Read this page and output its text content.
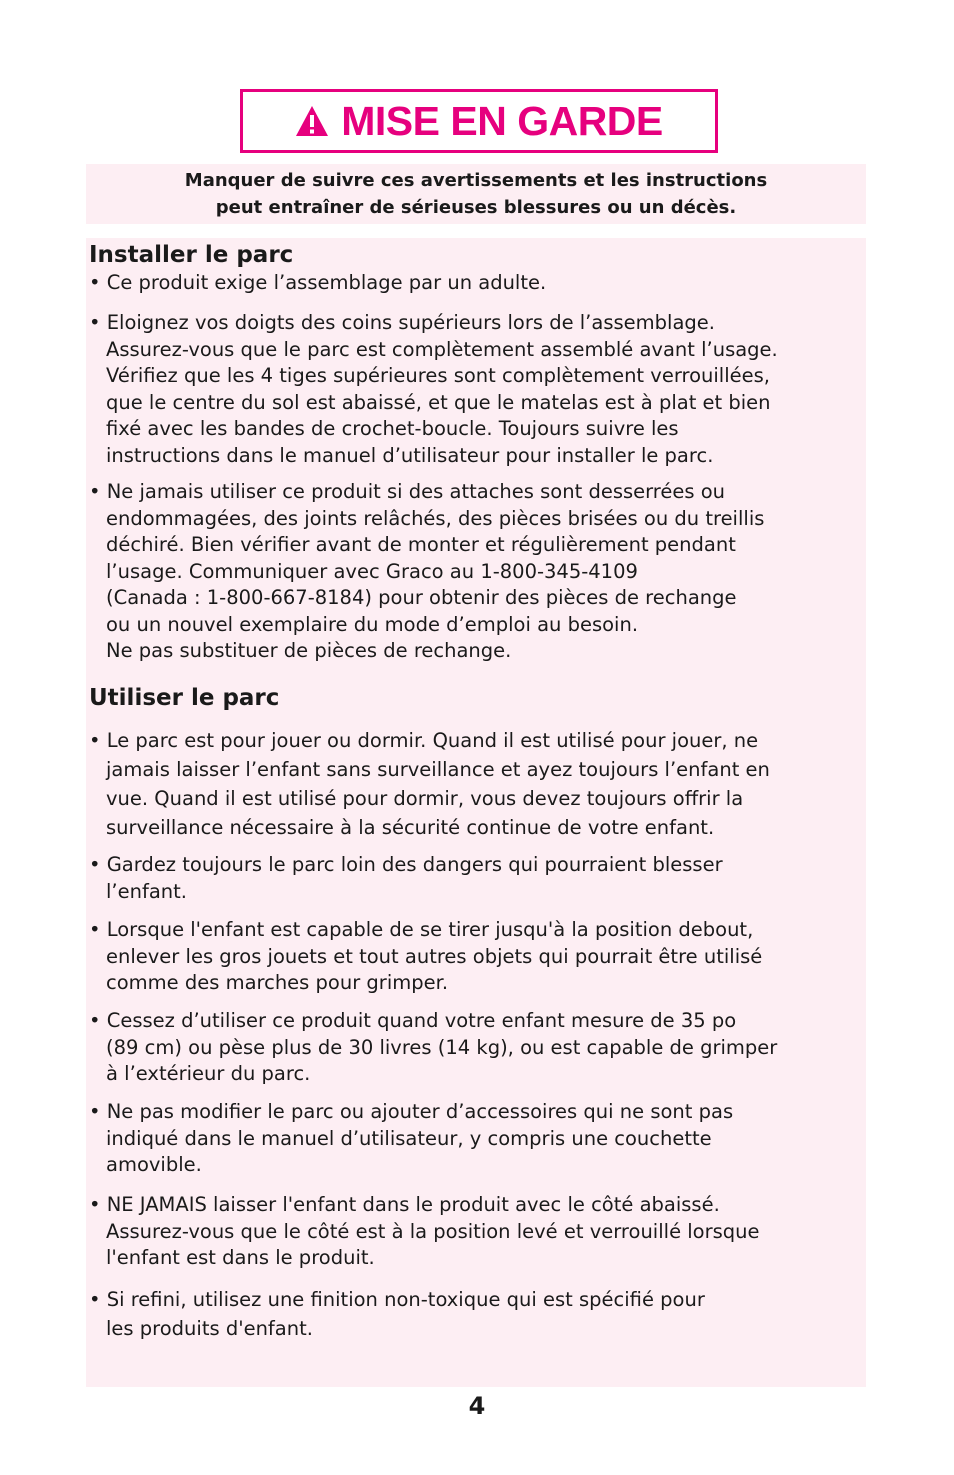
MISE EN GARDE
Manquer de suivre ces avertissements et les instructions
peut entraîner de sérieuses blessures ou un décès.
Installer le parc
• Ce produit exige l’assemblage par un adulte.
• Eloignez vos doigts des coins supérieurs lors de l’assemblage.
Assurez-vous que le parc est complètement assemblé avant l’usage.
Vérifiez que les 4 tiges supérieures sont complètement verrouillées,
que le centre du sol est abaissé, et que le matelas est à plat et bien
fixé avec les bandes de crochet-boucle. Toujours suivre les
instructions dans le manuel d’utilisateur pour installer le parc.
• Ne jamais utiliser ce produit si des attaches sont desserrées ou
endommagées, des joints relâchés, des pièces brisées ou du treillis
déchiré. Bien vérifier avant de monter et régulièrement pendant
l’usage. Communiquer avec Graco au 1-800-345-4109
(Canada : 1-800-667-8184) pour obtenir des pièces de rechange
ou un nouvel exemplaire du mode d’emploi au besoin.
Ne pas substituer de pièces de rechange.
Utiliser le parc
• Le parc est pour jouer ou dormir. Quand il est utilisé pour jouer, ne
jamais laisser l’enfant sans surveillance et ayez toujours l’enfant en
vue. Quand il est utilisé pour dormir, vous devez toujours offrir la
surveillance nécessaire à la sécurité continue de votre enfant.
• Gardez toujours le parc loin des dangers qui pourraient blesser
l’enfant.
• Lorsque l'enfant est capable de se tirer jusqu'à la position debout,
enlever les gros jouets et tout autres objets qui pourrait être utilisé
comme des marches pour grimper.
• Cessez d’utiliser ce produit quand votre enfant mesure de 35 po
(89 cm) ou pèse plus de 30 livres (14 kg), ou est capable de grimper
à l’extérieur du parc.
• Ne pas modifier le parc ou ajouter d’accessoires qui ne sont pas
indiqué dans le manuel d’utilisateur, y compris une couchette
amovible.
• NE JAMAIS laisser l'enfant dans le produit avec le côté abaissé.
Assurez-vous que le côté est à la position levé et verrouillé lorsque
l'enfant est dans le produit.
• Si refini, utilisez une finition non-toxique qui est spécifié pour
les produits d'enfant.
4
